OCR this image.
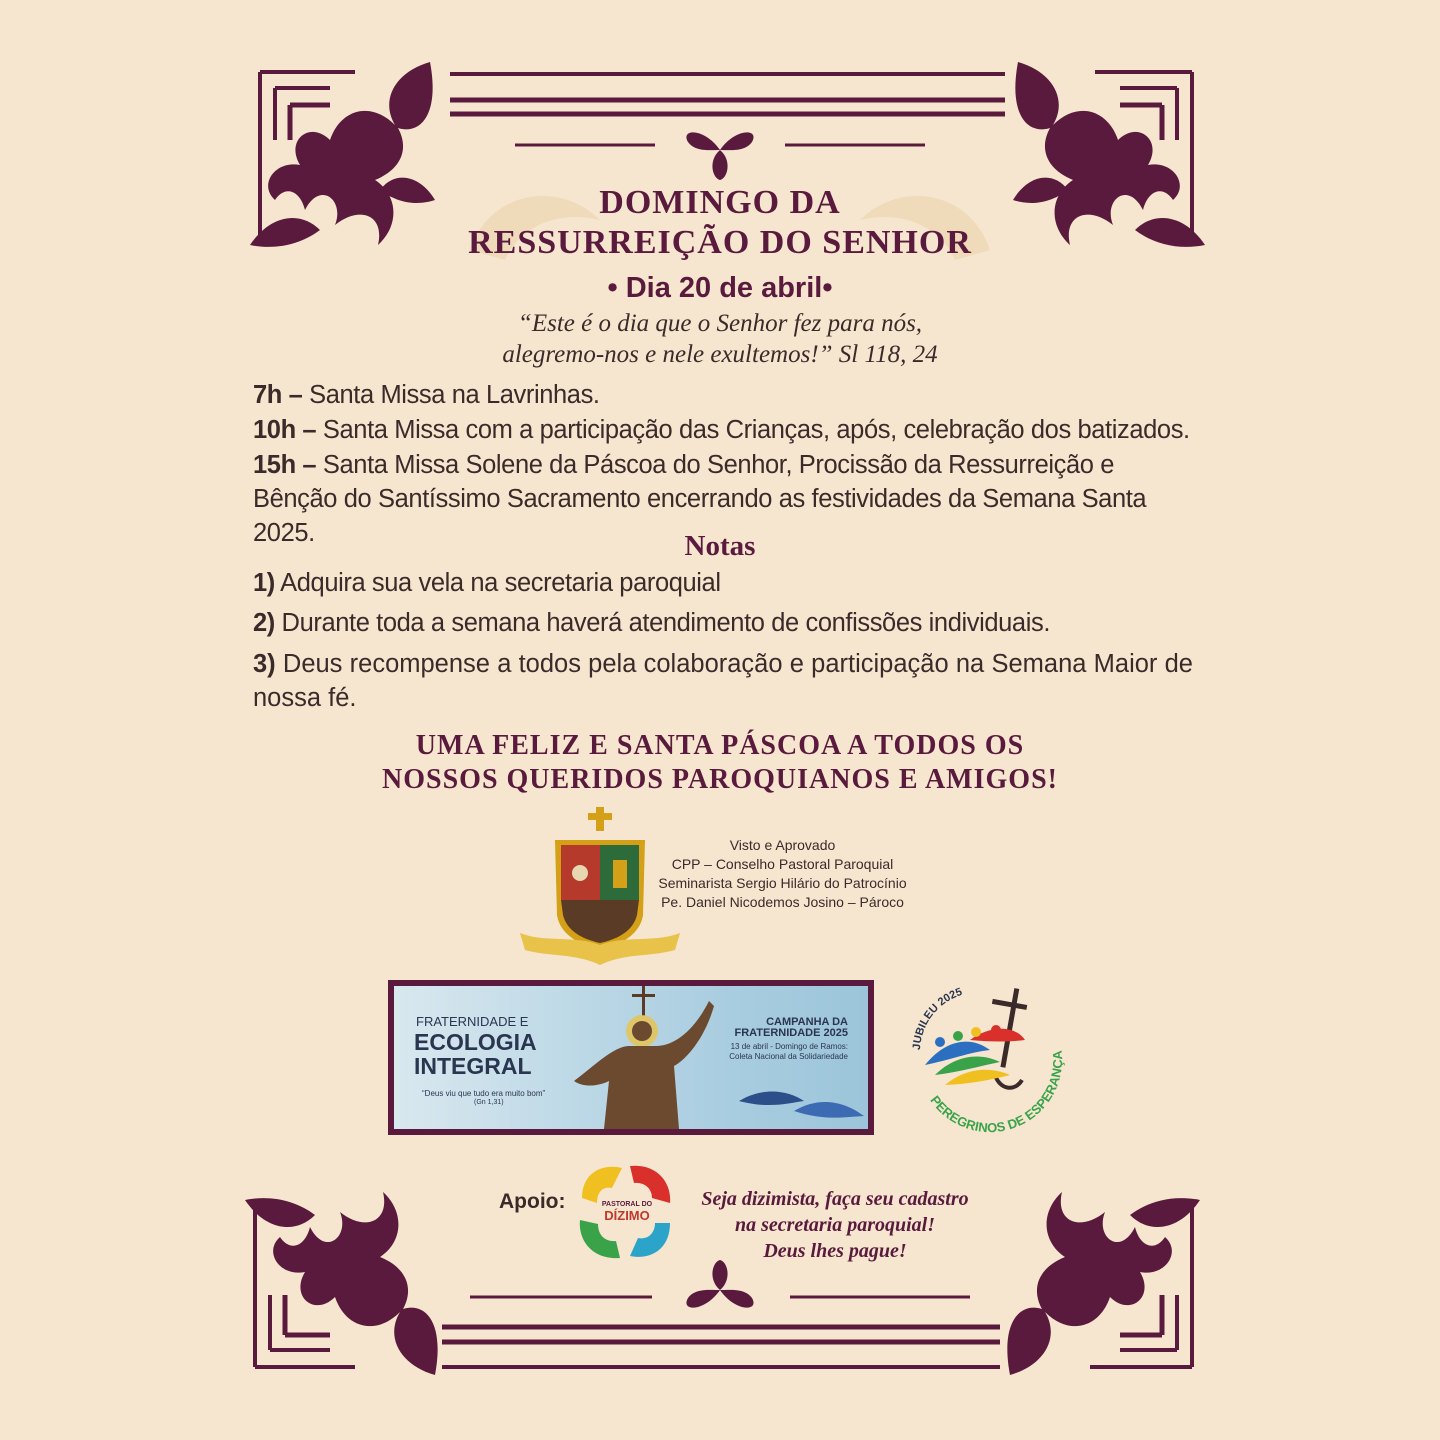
DOMINGO DA
RESSURREIÇÃO DO SENHOR
• Dia 20 de abril•
“Este é o dia que o Senhor fez para nós,
alegremo-nos e nele exultemos!” Sl 118, 24
7h – Santa Missa na Lavrinhas.
10h – Santa Missa com a participação das Crianças, após, celebração dos batizados.
15h – Santa Missa Solene da Páscoa do Senhor, Procissão da Ressurreição e Bênção do Santíssimo Sacramento encerrando as festividades da Semana Santa 2025.	Notas
1) Adquira sua vela na secretaria paroquial
2) Durante toda a semana haverá atendimento de confissões individuais.
3) Deus recompense a todos pela colaboração e participação na Semana Maior de nossa fé.
UMA FELIZ E SANTA PÁSCOA A TODOS OS
NOSSOS QUERIDOS PAROQUIANOS E AMIGOS!
Visto e Aprovado
CPP – Conselho Pastoral Paroquial
Seminarista Sergio Hilário do Patrocínio
Pe. Daniel Nicodemos Josino – Pároco
FRATERNIDADE E
ECOLOGIA
INTEGRAL
“Deus viu que tudo era muito bom”
(Gn 1,31)
CAMPANHA DA
FRATERNIDADE 2025
13 de abril - Domingo de Ramos:
Coleta Nacional da Solidariedade
JUBILEU 2025
PEREGRINOS DE ESPERANÇA
Apoio:	PASTORAL DO
DÍZIMO
Seja dizimista, faça seu cadastro
na secretaria paroquial!
Deus lhes pague!
